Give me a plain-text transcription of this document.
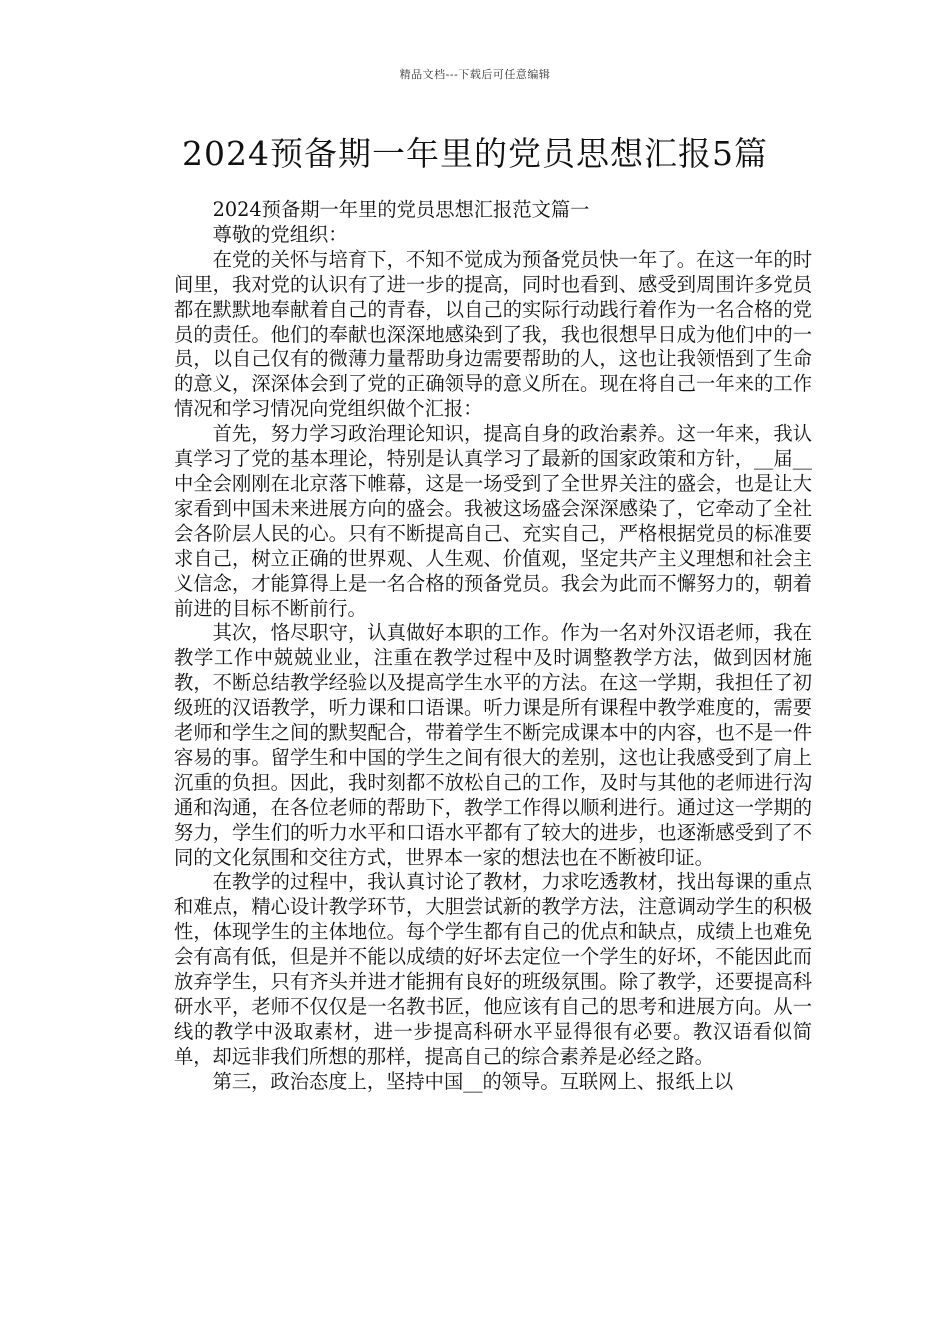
精品文档---下载后可任意编辑
2024预备期一年里的党员思想汇报5篇

2024预备期一年里的党员思想汇报范文篇一

尊敬的党组织：

在党的关怀与培育下，不知不觉成为预备党员快一年了。在这一年的时间里，我对党的认识有了进一步的提高，同时也看到、感受到周围许多党员都在默默地奉献着自己的青春，以自己的实际行动践行着作为一名合格的党员的责任。他们的奉献也深深地感染到了我，我也很想早日成为他们中的一员，以自己仅有的微薄力量帮助身边需要帮助的人，这也让我领悟到了生命的意义，深深体会到了党的正确领导的意义所在。现在将自己一年来的工作情况和学习情况向党组织做个汇报：

首先，努力学习政治理论知识，提高自身的政治素养。这一年来，我认真学习了党的基本理论，特别是认真学习了最新的国家政策和方针，__届__中全会刚刚在北京落下帷幕，这是一场受到了全世界关注的盛会，也是让大家看到中国未来进展方向的盛会。我被这场盛会深深感染了，它牵动了全社会各阶层人民的心。只有不断提高自己、充实自己，严格根据党员的标准要求自己，树立正确的世界观、人生观、价值观，坚定共产主义理想和社会主义信念，才能算得上是一名合格的预备党员。我会为此而不懈努力的，朝着前进的目标不断前行。

其次，恪尽职守，认真做好本职的工作。作为一名对外汉语老师，我在教学工作中兢兢业业，注重在教学过程中及时调整教学方法，做到因材施教，不断总结教学经验以及提高学生水平的方法。在这一学期，我担任了初级班的汉语教学，听力课和口语课。听力课是所有课程中教学难度的，需要老师和学生之间的默契配合，带着学生不断完成课本中的内容，也不是一件容易的事。留学生和中国的学生之间有很大的差别，这也让我感受到了肩上沉重的负担。因此，我时刻都不放松自己的工作，及时与其他的老师进行沟通和沟通，在各位老师的帮助下，教学工作得以顺利进行。通过这一学期的努力，学生们的听力水平和口语水平都有了较大的进步，也逐渐感受到了不同的文化氛围和交往方式，世界本一家的想法也在不断被印证。

在教学的过程中，我认真讨论了教材，力求吃透教材，找出每课的重点和难点，精心设计教学环节，大胆尝试新的教学方法，注意调动学生的积极性，体现学生的主体地位。每个学生都有自己的优点和缺点，成绩上也难免会有高有低，但是并不能以成绩的好坏去定位一个学生的好坏，不能因此而放弃学生，只有齐头并进才能拥有良好的班级氛围。除了教学，还要提高科研水平，老师不仅仅是一名教书匠，他应该有自己的思考和进展方向。从一线的教学中汲取素材，进一步提高科研水平显得很有必要。教汉语看似简单，却远非我们所想的那样，提高自己的综合素养是必经之路。

第三，政治态度上，坚持中国__的领导。互联网上、报纸上以
